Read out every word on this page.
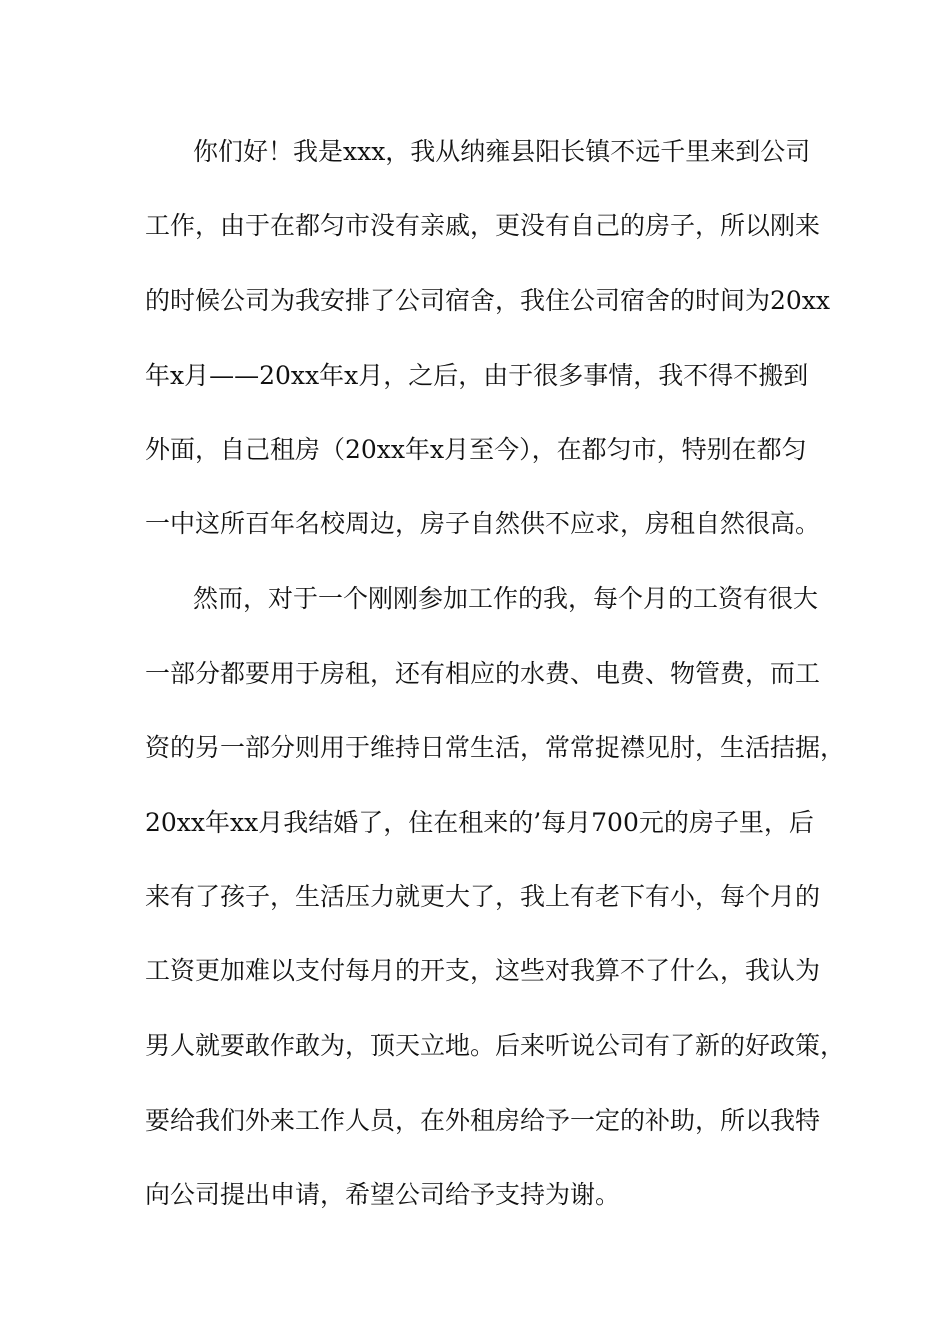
你们好！我是xxx，我从纳雍县阳长镇不远千里来到公司

工作，由于在都匀市没有亲戚，更没有自己的房子，所以刚来

的时候公司为我安排了公司宿舍，我住公司宿舍的时间为20xx

年x月——20xx年x月，之后，由于很多事情，我不得不搬到

外面，自己租房（20xx年x月至今），在都匀市，特别在都匀

一中这所百年名校周边，房子自然供不应求，房租自然很高。

然而，对于一个刚刚参加工作的我，每个月的工资有很大

一部分都要用于房租，还有相应的水费、电费、物管费，而工

资的另一部分则用于维持日常生活，常常捉襟见肘，生活拮据，

20xx年xx月我结婚了，住在租来的’每月700元的房子里，后

来有了孩子，生活压力就更大了，我上有老下有小，每个月的

工资更加难以支付每月的开支，这些对我算不了什么，我认为

男人就要敢作敢为，顶天立地。后来听说公司有了新的好政策，

要给我们外来工作人员，在外租房给予一定的补助，所以我特

向公司提出申请，希望公司给予支持为谢。
